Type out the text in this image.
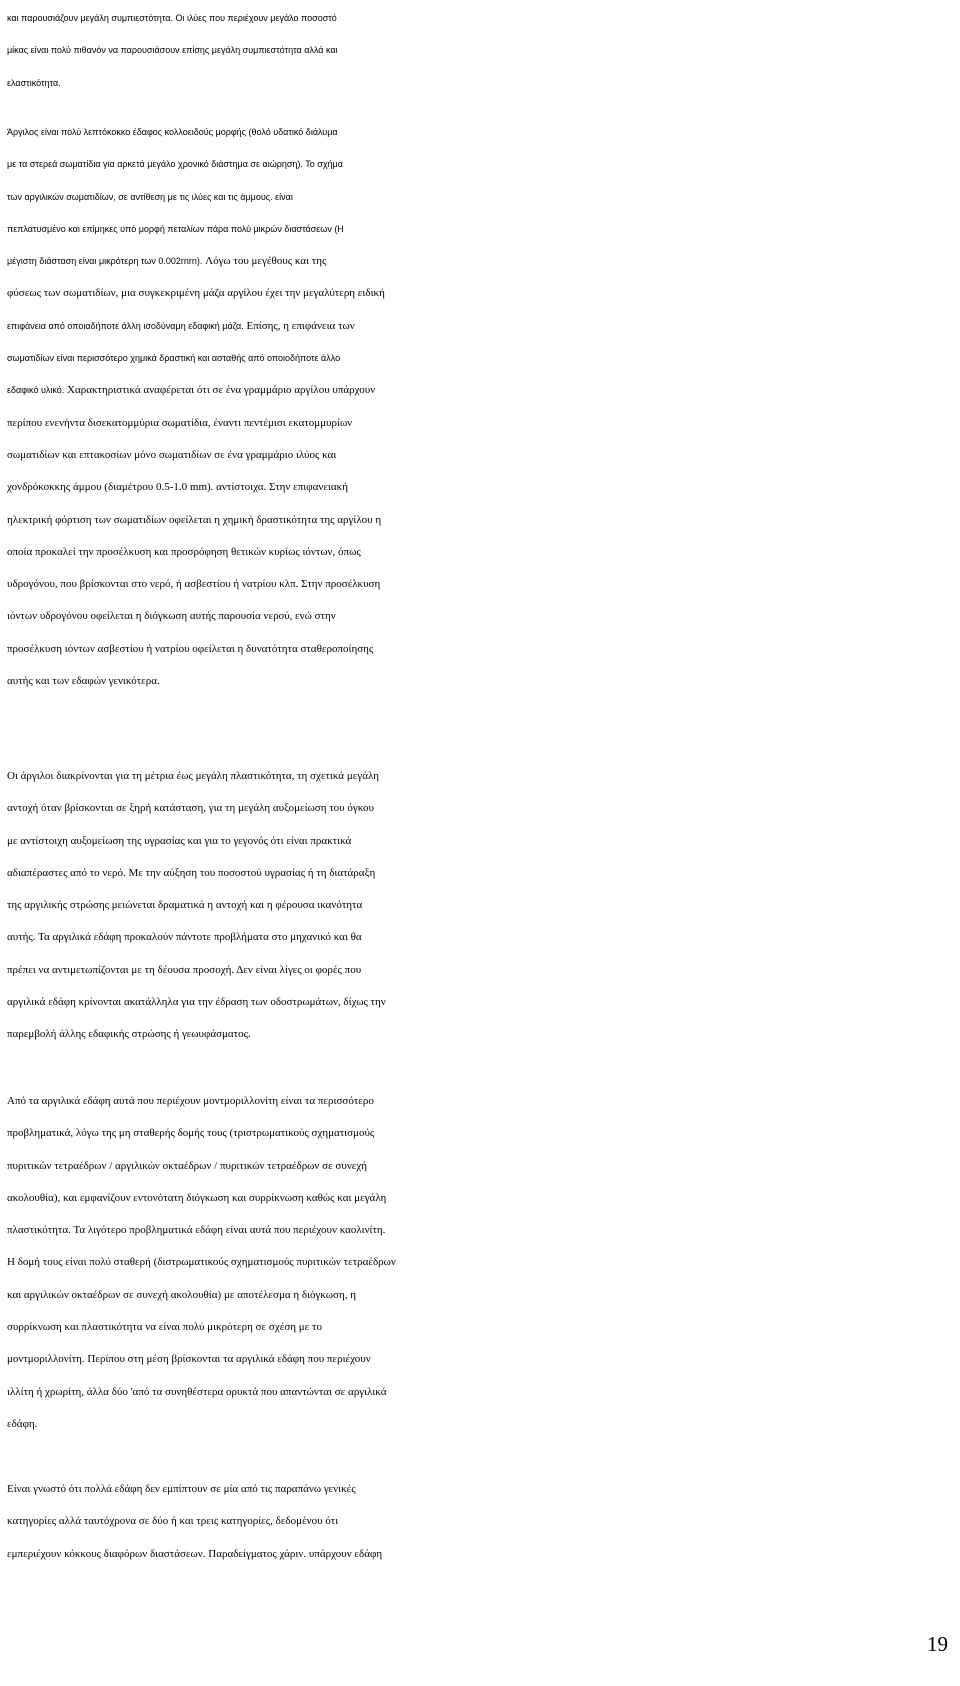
και παρουσιάζουν μεγάλη συμπιεστότητα. Οι ιλύες που περιέχουν μεγάλο ποσοστό
μίκας είναι πολύ πιθανόν να παρουσιάσουν επίσης μεγάλη συμπιεστότητα αλλά και
ελαστικότητα.
Άργιλος είναι πολύ λεπτόκοκκο έδαφος κολλοειδούς μορφής (θολό υδατικό διάλυμα
με τα στερεά σωματίδια για αρκετά μεγάλο χρονικό διάστημα σε αιώρηση). Το σχήμα
των αργιλικών σωματιδίων, σε αντίθεση με τις ιλύες και τις άμμους. είναι
πεπλατυσμένο και επίμηκες υπό μορφή πεταλίων πάρα πολύ μικρών διαστάσεων (Η
μέγιστη διάσταση είναι μικρότερη των 0.002rnrn). Λόγω του μεγέθους και της
φύσεως των σωματιδίων, μια συγκεκριμένη μάζα αργίλου έχει την μεγαλύτερη ειδική
επιφάνεια από οποιαδήποτε άλλη ισοδύναμη εδαφική μάζα. Επίσης, η επιφάνεια των
σωματιδίων είναι περισσότερο χημικά δραστική και ασταθής από οποιοδήποτε άλλο
εδαφικό υλικό. Χαρακτηριστικά αναφέρεται ότι σε ένα γραμμάριο αργίλου υπάρχουν
περίπου ενενήντα δισεκατομμύρια σωματίδια, έναντι πεντέμισι εκατομμυρίων
σωματιδίων και επτακοσίων μόνο σωματιδίων σε ένα γραμμάριο ιλύος και
χονδρόκοκκης άμμου (διαμέτρου 0.5-1.0 mm). αντίστοιχα. Στην επιφανειακή
ηλεκτρική φόρτιση των σωματιδίων οφείλεται η χημική δραστικότητα της αργίλου η
οποία προκαλεί την προσέλκυση και προσρόφηση θετικών κυρίως ιόντων, όπως
υδρογόνου, που βρίσκονται στο νερό, ή ασβεστίου ή νατρίου κλπ. Στην προσέλκυση
ιόντων υδρογόνου οφείλεται η διόγκωση αυτής παρουσία νερού, ενώ στην
προσέλκυση ιόντων ασβεστίου ή νατρίου οφείλεται η δυνατότητα σταθεροποίησης
αυτής και των εδαφών γενικότερα.
Οι άργιλοι διακρίνονται για τη μέτρια έως μεγάλη πλαστικότητα, τη σχετικά μεγάλη
αντοχή όταν βρίσκονται σε ξηρή κατάσταση, για τη μεγάλη αυξομείωση του όγκου
με αντίστοιχη αυξομείωση της υγρασίας και για το γεγονός ότι είναι πρακτικά
αδιαπέραστες από το νερό. Με την αύξηση του ποσοστού υγρασίας ή τη διατάραξη
της αργιλικής στρώσης μειώνεται δραματικά η αντοχή και η φέρουσα ικανότητα
αυτής. Τα αργιλικά εδάφη προκαλούν πάντοτε προβλήματα στο μηχανικό και θα
πρέπει να αντιμετωπίζονται με τη δέουσα προσοχή. Δεν είναι λίγες οι φορές που
αργιλικά εδάφη κρίνονται ακατάλληλα για την έδραση των οδοστρωμάτων, δίχως την
παρεμβολή άλλης εδαφικής στρώσης ή γεωυφάσματος.
Από τα αργιλικά εδάφη αυτά που περιέχουν μοντμοριλλονίτη είναι τα περισσότερο
προβληματικά, λόγω της μη σταθερής δομής τους (τριστρωματικούς σχηματισμούς
πυριτικών τετραέδρων / αργιλικών οκταέδρων / πυριτικών τετραέδρων σε συνεχή
ακολουθία), και εμφανίζουν εντονότατη διόγκωση και συρρίκνωση καθώς και μεγάλη
πλαστικότητα. Τα λιγότερο προβληματικά εδάφη είναι αυτά που περιέχουν καολινίτη.
Η δομή τους είναι πολύ σταθερή (διστρωματικούς σχηματισμούς πυριτικών τετραέδρων
και αργιλικών οκταέδρων σε συνεχή ακολουθία) με αποτέλεσμα η διόγκωση, η
συρρίκνωση και πλαστικότητα να είναι πολύ μικρότερη σε σχέση με το
μοντμοριλλονίτη. Περίπου στη μέση βρίσκονται τα αργιλικά εδάφη που περιέχουν
ιλλίτη ή χρωρίτη, άλλα δύο 'από τα συνηθέστερα ορυκτά που απαντώνται σε αργιλικά
εδάφη.
Είναι γνωστό ότι πολλά εδάφη δεν εμπίπτουν σε μία από τις παραπάνω γενικές
κατηγορίες αλλά ταυτόχρονα σε δύο ή και τρεις κατηγορίες, δεδομένου ότι
εμπεριέχουν κόκκους διαφόρων διαστάσεων. Παραδείγματος χάριν. υπάρχουν εδάφη
19
